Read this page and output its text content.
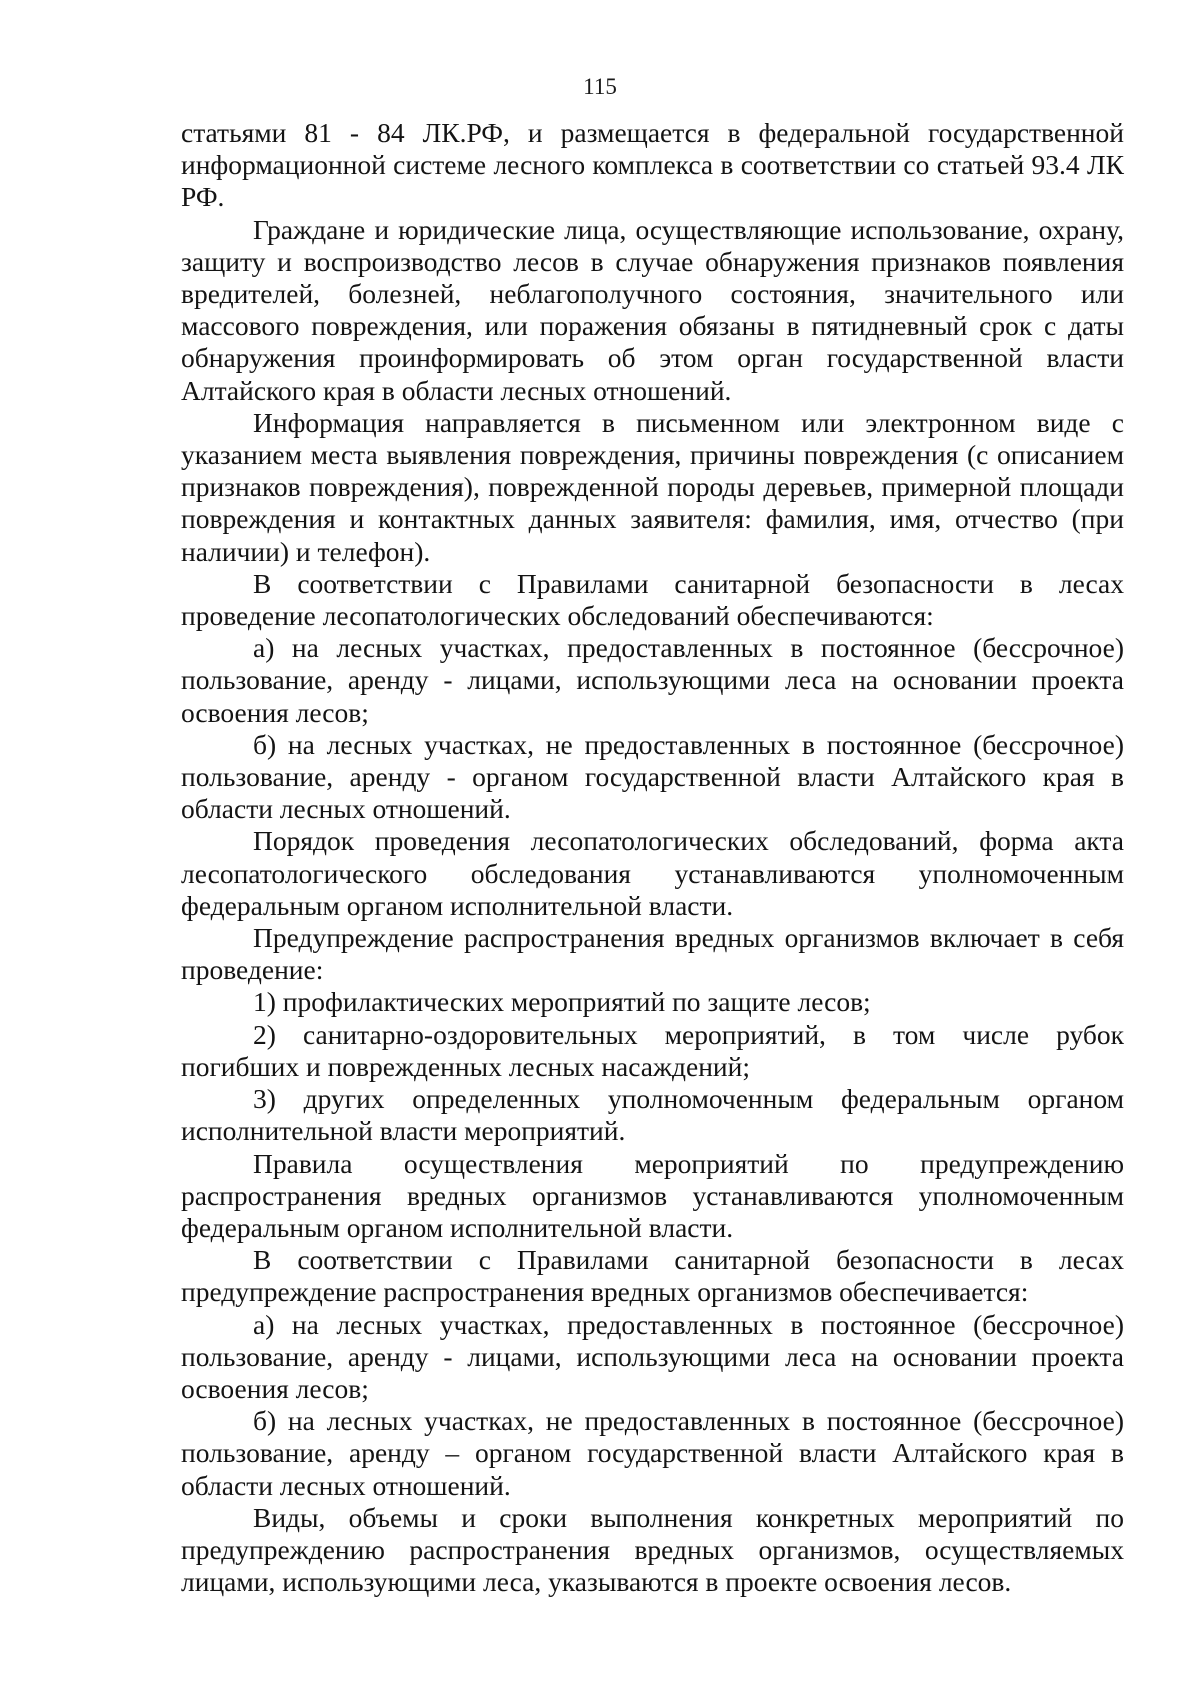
115

статьями 81 - 84 ЛК.РФ, и размещается в федеральной государственной информационной системе лесного комплекса в соответствии со статьей 93.4 ЛК РФ.

Граждане и юридические лица, осуществляющие использование, охрану, защиту и воспроизводство лесов в случае обнаружения признаков появления вредителей, болезней, неблагополучного состояния, значительного или массового повреждения, или поражения обязаны в пятидневный срок с даты обнаружения проинформировать об этом орган государственной власти Алтайского края в области лесных отношений.

Информация направляется в письменном или электронном виде с указанием места выявления повреждения, причины повреждения (с описанием признаков повреждения), поврежденной породы деревьев, примерной площади повреждения и контактных данных заявителя: фамилия, имя, отчество (при наличии) и телефон).

В соответствии с Правилами санитарной безопасности в лесах проведение лесопатологических обследований обеспечиваются:

а) на лесных участках, предоставленных в постоянное (бессрочное) пользование, аренду - лицами, использующими леса на основании проекта освоения лесов;

б) на лесных участках, не предоставленных в постоянное (бессрочное) пользование, аренду - органом государственной власти Алтайского края в области лесных отношений.

Порядок проведения лесопатологических обследований, форма акта лесопатологического обследования устанавливаются уполномоченным федеральным органом исполнительной власти.

Предупреждение распространения вредных организмов включает в себя проведение:

1) профилактических мероприятий по защите лесов;

2) санитарно-оздоровительных мероприятий, в том числе рубок погибших и поврежденных лесных насаждений;

3) других определенных уполномоченным федеральным органом исполнительной власти мероприятий.

Правила осуществления мероприятий по предупреждению распространения вредных организмов устанавливаются уполномоченным федеральным органом исполнительной власти.

В соответствии с Правилами санитарной безопасности в лесах предупреждение распространения вредных организмов обеспечивается:

а) на лесных участках, предоставленных в постоянное (бессрочное) пользование, аренду - лицами, использующими леса на основании проекта освоения лесов;

б) на лесных участках, не предоставленных в постоянное (бессрочное) пользование, аренду – органом государственной власти Алтайского края в области лесных отношений.

Виды, объемы и сроки выполнения конкретных мероприятий по предупреждению распространения вредных организмов, осуществляемых лицами, использующими леса, указываются в проекте освоения лесов.
